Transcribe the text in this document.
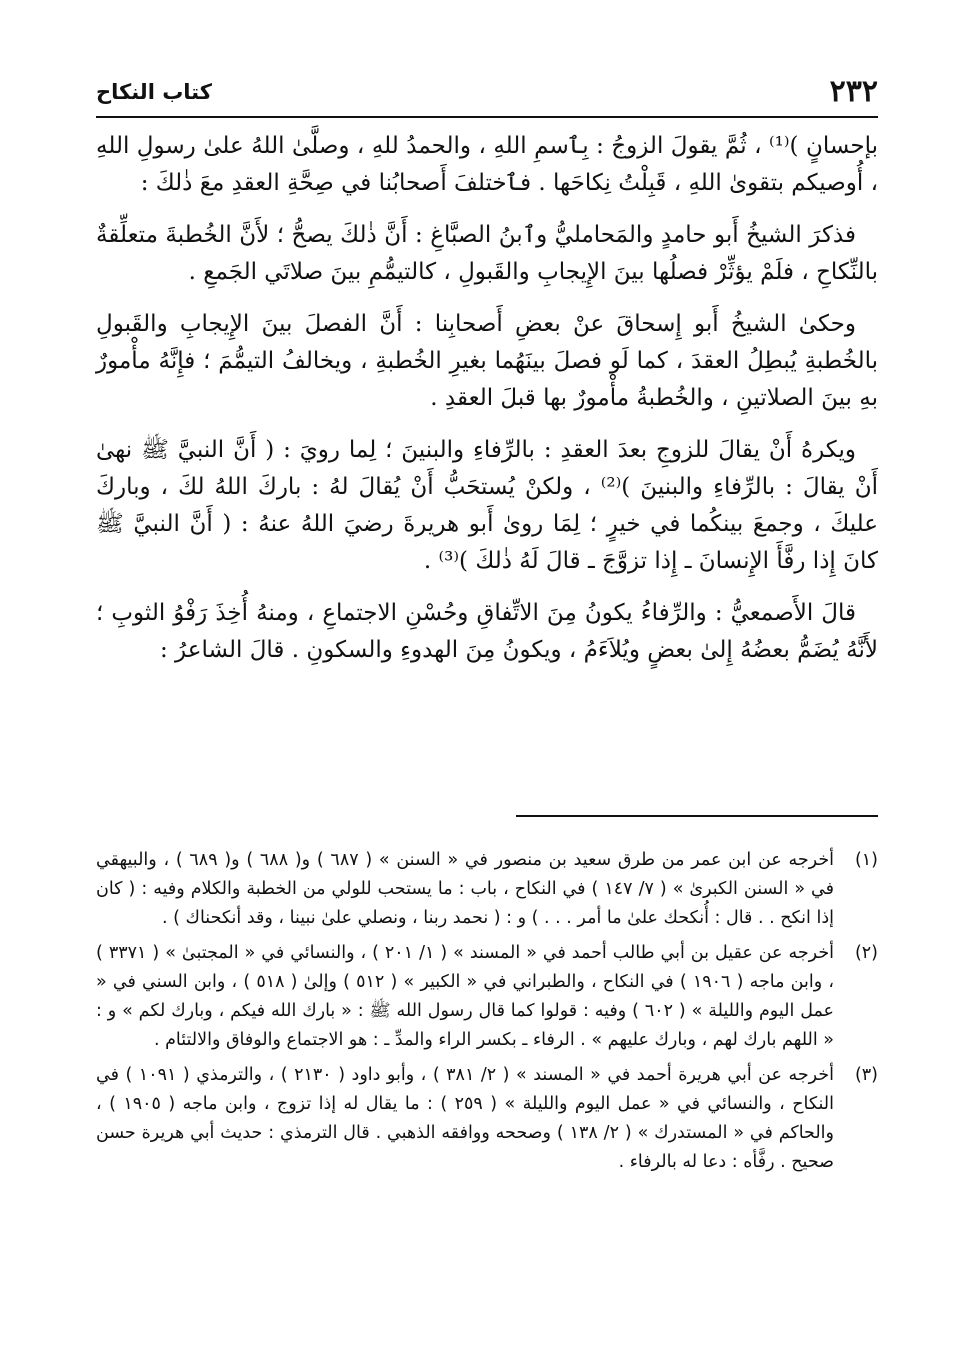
٢٣٢
كتاب النكاح

بإحسانٍ )⁽¹⁾ ، ثُمَّ يقولَ الزوجُ : بِٱسمِ اللهِ ، والحمدُ للهِ ، وصلَّىٰ اللهُ علىٰ رسولِ اللهِ ، أُوصيكم بتقوىٰ اللهِ ، قَبِلْتُ نِكاحَها . فٱختلفَ أَصحابُنا في صِحَّةِ العقدِ معَ ذٰلكَ :

فذكرَ الشيخُ أَبو حامدٍ والمَحامليُّ وٱبنُ الصبَّاغِ : أَنَّ ذٰلكَ يصحُّ ؛ لأَنَّ الخُطبةَ متعلِّقةٌ بالنِّكاحِ ، فلَمْ يؤثِّرْ فصلُها بينَ الإِيجابِ والقَبولِ ، كالتيمُّمِ بينَ صلاتَي الجَمعِ .

وحكىٰ الشيخُ أَبو إِسحاقَ عنْ بعضِ أَصحابِنا : أَنَّ الفصلَ بينَ الإِيجابِ والقَبولِ بالخُطبةِ يُبطِلُ العقدَ ، كما لَو فصلَ بينَهُما بغيرِ الخُطبةِ ، ويخالفُ التيمُّمَ ؛ فإِنَّهُ مأْمورٌ بهِ بينَ الصلاتينِ ، والخُطبةُ مأْمورٌ بها قبلَ العقدِ .

ويكرهُ أَنْ يقالَ للزوجِ بعدَ العقدِ : بالرِّفاءِ والبنينَ ؛ لِما رويَ : ( أَنَّ النبيَّ ﷺ نهىٰ أَنْ يقالَ : بالرِّفاءِ والبنينَ )⁽²⁾ ، ولكنْ يُستحَبُّ أَنْ يُقالَ لهُ : باركَ اللهُ لكَ ، وباركَ عليكَ ، وجمعَ بينكُما في خيرٍ ؛ لِمَا روىٰ أَبو هريرةَ رضيَ اللهُ عنهُ : ( أَنَّ النبيَّ ﷺ كانَ إِذا رفَّأَ الإِنسانَ ـ إِذا تزوَّجَ ـ قالَ لَهُ ذٰلكَ )⁽³⁾ .

قالَ الأَصمعيُّ : والرِّفاءُ يكونُ مِنَ الاتِّفاقِ وحُسْنِ الاجتماعِ ، ومنهُ أُخِذَ رَفْوُ الثوبِ ؛ لأَنَّهُ يُضَمُّ بعضُهُ إِلىٰ بعضٍ ويُلاَءَمُ ، ويكونُ مِنَ الهدوءِ والسكونِ . قالَ الشاعرُ :

(١)
أخرجه عن ابن عمر من طرق سعيد بن منصور في « السنن » ( ٦٨٧ ) و( ٦٨٨ ) و( ٦٨٩ ) ، والبيهقي في « السنن الكبرىٰ » ( ٧/ ١٤٧ ) في النكاح ، باب : ما يستحب للولي من الخطبة والكلام وفيه : ( كان إذا انكح . . قال : أُنكحك علىٰ ما أمر . . . ) و : ( نحمد ربنا ، ونصلي علىٰ نبينا ، وقد أنكحناك ) .
(٢)
أخرجه عن عقيل بن أبي طالب أحمد في « المسند » ( ١/ ٢٠١ ) ، والنسائي في « المجتبىٰ » ( ٣٣٧١ ) ، وابن ماجه ( ١٩٠٦ ) في النكاح ، والطبراني في « الكبير » ( ٥١٢ ) وإلىٰ ( ٥١٨ ) ، وابن السني في « عمل اليوم والليلة » ( ٦٠٢ ) وفيه : قولوا كما قال رسول الله ﷺ : « بارك الله فيكم ، وبارك لكم » و : « اللهم بارك لهم ، وبارك عليهم » . الرفاء ـ بكسر الراء والمدِّ ـ : هو الاجتماع والوفاق والالتئام .
(٣)
أخرجه عن أبي هريرة أحمد في « المسند » ( ٢/ ٣٨١ ) ، وأبو داود ( ٢١٣٠ ) ، والترمذي ( ١٠٩١ ) في النكاح ، والنسائي في « عمل اليوم والليلة » ( ٢٥٩ ) : ما يقال له إذا تزوج ، وابن ماجه ( ١٩٠٥ ) ، والحاكم في « المستدرك » ( ٢/ ١٣٨ ) وصححه ووافقه الذهبي . قال الترمذي : حديث أبي هريرة حسن صحيح . رفَّأه : دعا له بالرفاء .
